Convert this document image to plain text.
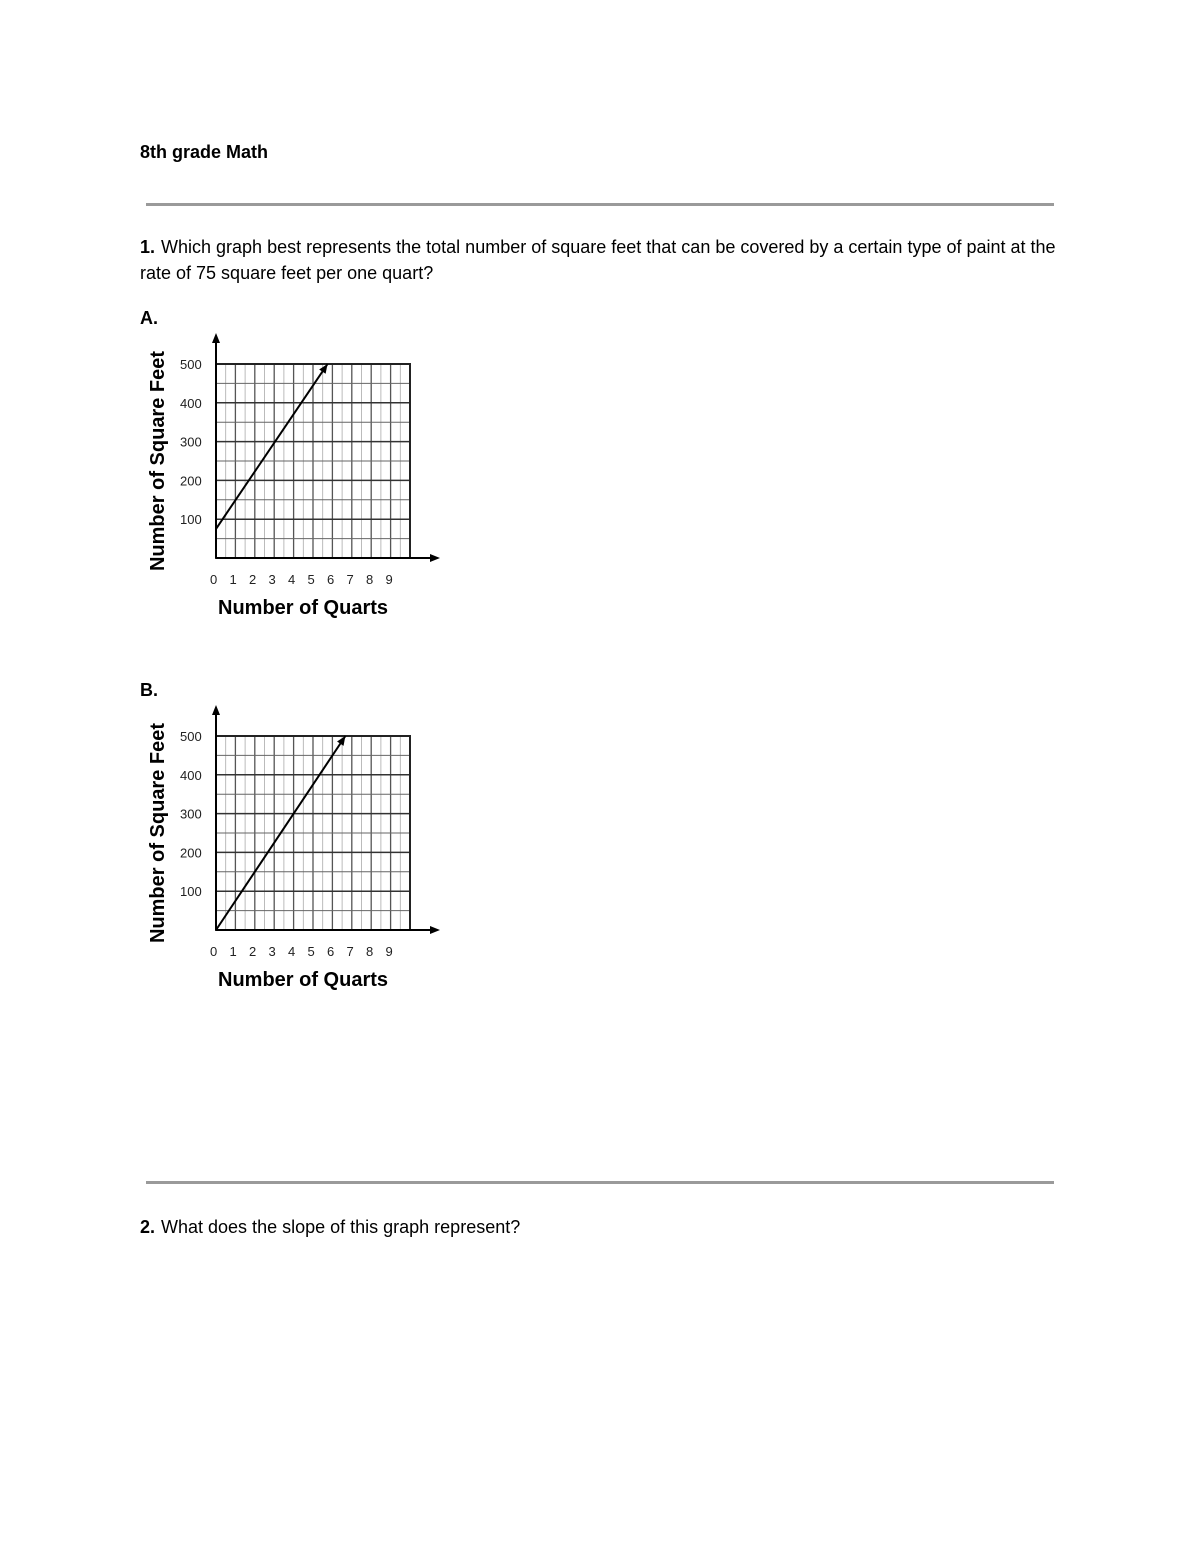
8th grade Math
1. Which graph best represents the total number of square feet that can be covered by a certain type of paint at the rate of 75 square feet per one quart?
A.
100
200
300
400
500
0 1 2 3 4 5 6 7 8 9
Number of Quarts
Number of Square Feet
B.
100
200
300
400
500
0 1 2 3 4 5 6 7 8 9
Number of Quarts
Number of Square Feet
2. What does the slope of this graph represent?
